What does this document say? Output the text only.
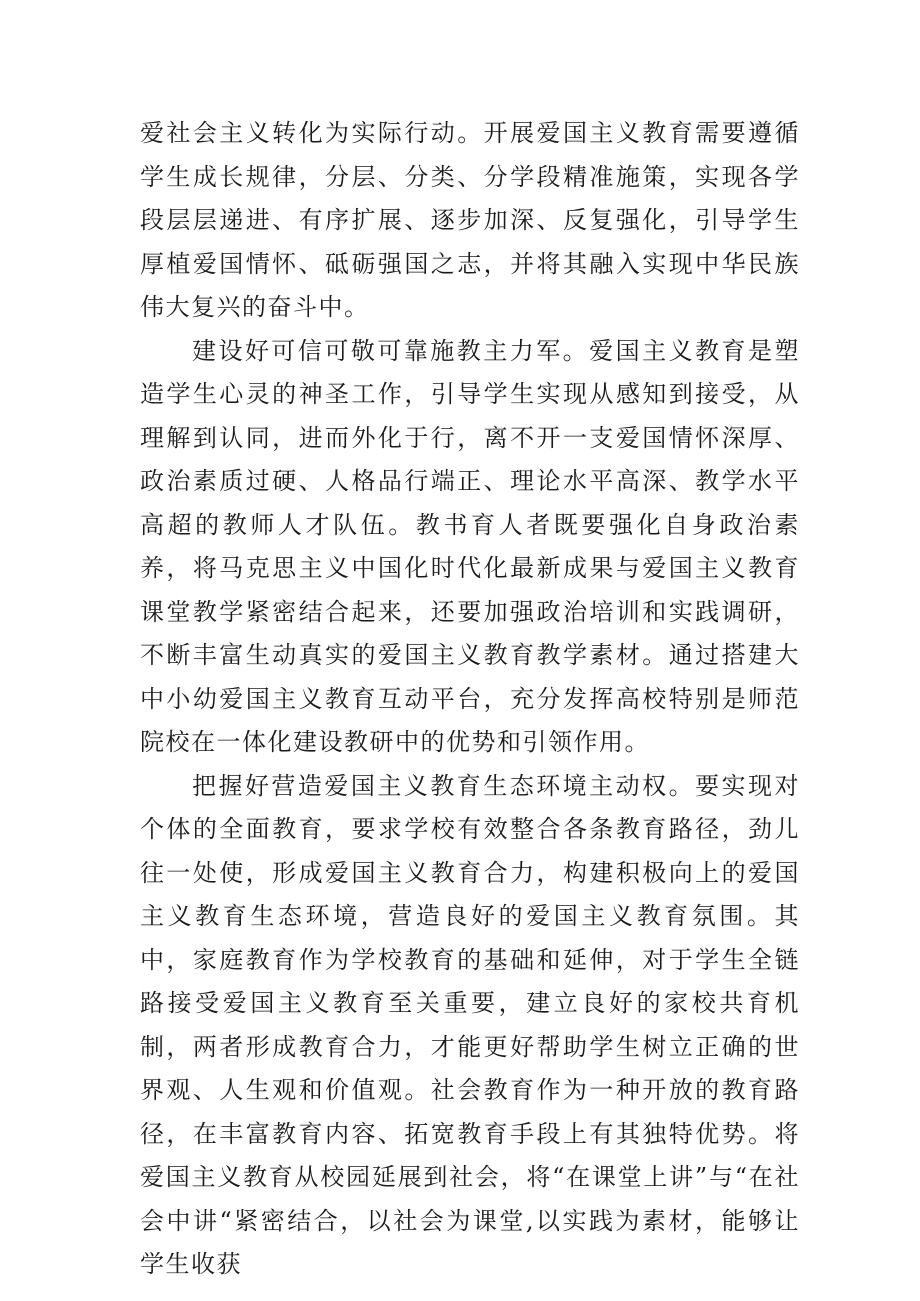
爱社会主义转化为实际行动。开展爱国主义教育需要遵循学生成长规律，分层、分类、分学段精准施策，实现各学段层层递进、有序扩展、逐步加深、反复强化，引导学生厚植爱国情怀、砥砺强国之志，并将其融入实现中华民族伟大复兴的奋斗中。

建设好可信可敬可靠施教主力军。爱国主义教育是塑造学生心灵的神圣工作，引导学生实现从感知到接受，从理解到认同，进而外化于行，离不开一支爱国情怀深厚、政治素质过硬、人格品行端正、理论水平高深、教学水平高超的教师人才队伍。教书育人者既要强化自身政治素养，将马克思主义中国化时代化最新成果与爱国主义教育课堂教学紧密结合起来，还要加强政治培训和实践调研，不断丰富生动真实的爱国主义教育教学素材。通过搭建大中小幼爱国主义教育互动平台，充分发挥高校特别是师范院校在一体化建设教研中的优势和引领作用。

把握好营造爱国主义教育生态环境主动权。要实现对个体的全面教育，要求学校有效整合各条教育路径，劲儿往一处使，形成爱国主义教育合力，构建积极向上的爱国主义教育生态环境，营造良好的爱国主义教育氛围。其中，家庭教育作为学校教育的基础和延伸，对于学生全链路接受爱国主义教育至关重要，建立良好的家校共育机制，两者形成教育合力，才能更好帮助学生树立正确的世界观、人生观和价值观。社会教育作为一种开放的教育路径，在丰富教育内容、拓宽教育手段上有其独特优势。将爱国主义教育从校园延展到社会，将“在课堂上讲”与“在社会中讲“紧密结合，以社会为课堂,以实践为素材，能够让学生收获
